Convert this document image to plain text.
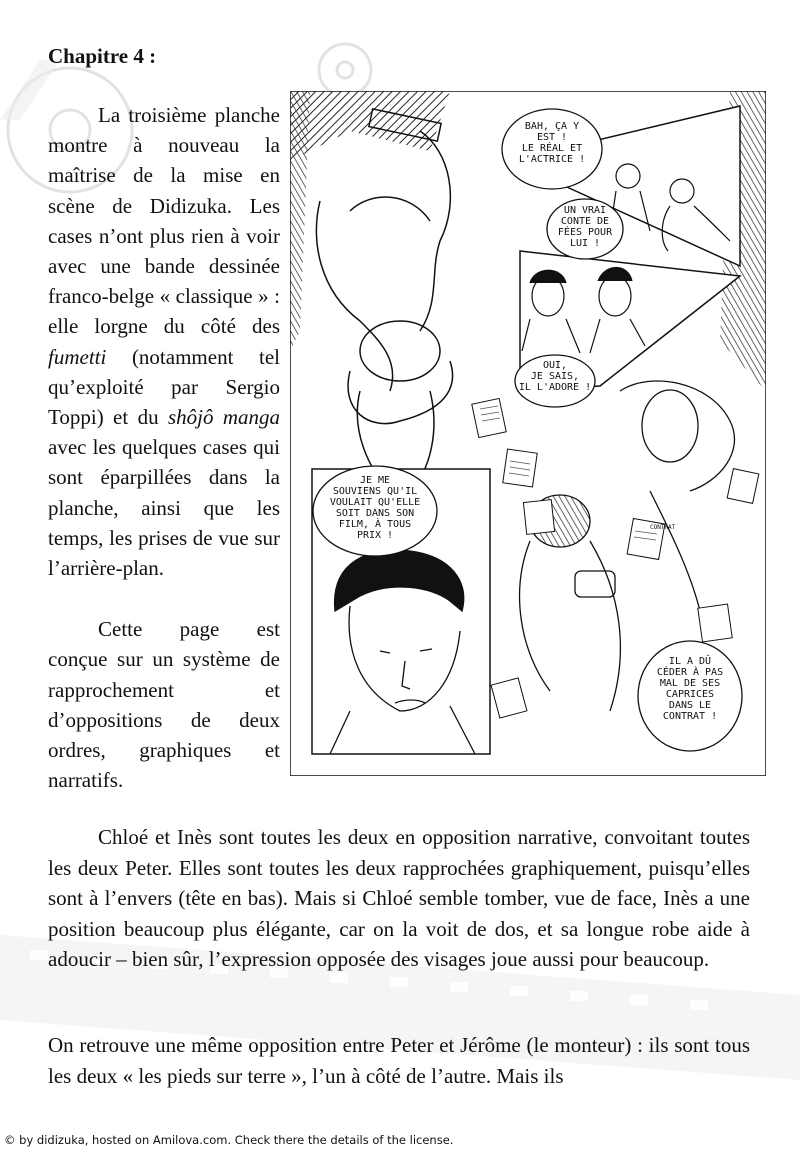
Chapitre 4 :

La troisième planche montre à nouveau la maîtrise de la mise en scène de Didizuka. Les cases n’ont plus rien à voir avec une bande dessinée franco-belge « classique » : elle lorgne du côté des fumetti (notamment tel qu’exploité par Sergio Toppi) et du shôjô manga avec les quelques cases qui sont éparpillées dans la planche, ainsi que les temps, les prises de vue sur l’arrière-plan.

Cette page est conçue sur un système de rapprochement et d’oppositions de deux ordres, graphiques et narratifs.

CONTRAT
BAH, ÇA Y EST ! LE RÉAL ET L'ACTRICE !
UN VRAI CONTE DE FÉES POUR LUI !
OUI, JE SAIS, IL L'ADORE !
JE ME SOUVIENS QU'IL VOULAIT QU'ELLE SOIT DANS SON FILM, À TOUS PRIX !
IL A DÛ CÉDER À PAS MAL DE SES CAPRICES DANS LE CONTRAT !

Chloé et Inès sont toutes les deux en opposition narrative, convoitant toutes les deux Peter. Elles sont toutes les deux rapprochées graphiquement, puisqu’elles sont à l’envers (tête en bas). Mais si Chloé semble tomber, vue de face, Inès a une position beaucoup plus élégante, car on la voit de dos, et sa longue robe aide à adoucir – bien sûr, l’expression opposée des visages joue aussi pour beaucoup.

On retrouve une même opposition entre Peter et Jérôme (le monteur) : ils sont tous les deux « les pieds sur terre », l’un à côté de l’autre. Mais ils

© by didizuka, hosted on Amilova.com. Check there the details of the license.
